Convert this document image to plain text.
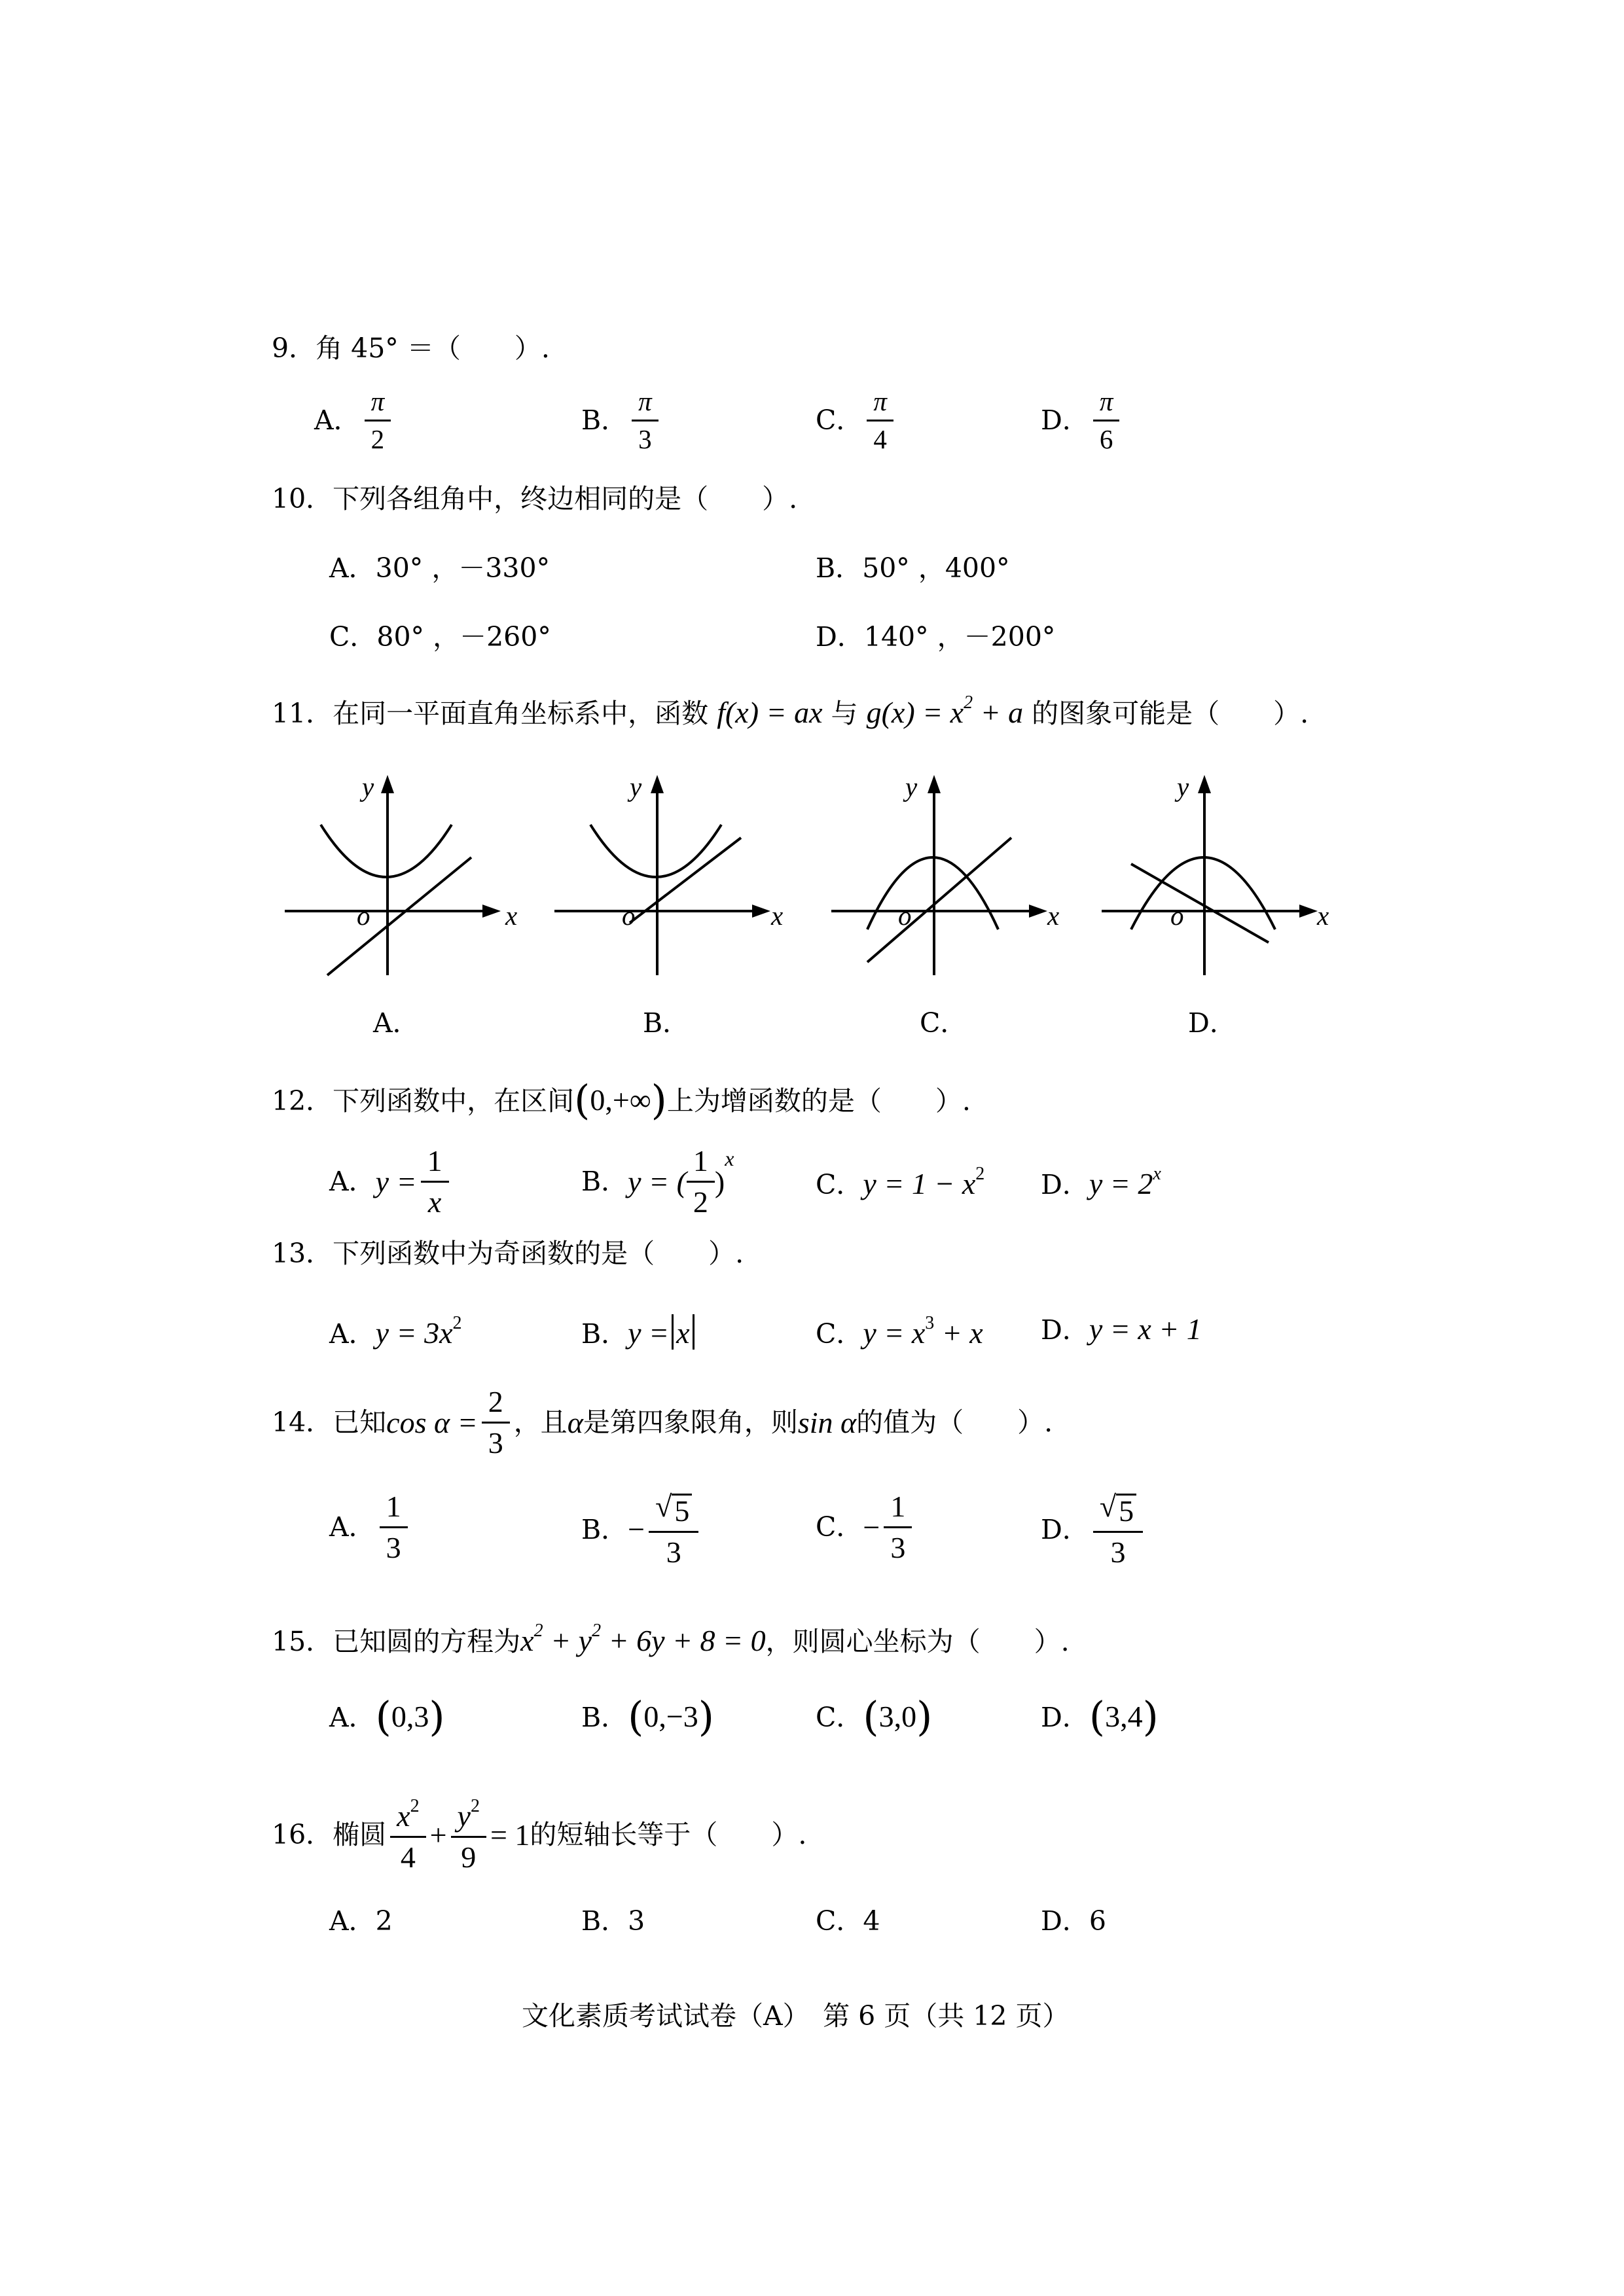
9．角 45° ＝（　　）.
A． $\frac{\pi}{2}$	B． $\frac{\pi}{3}$	C． $\frac{\pi}{4}$	D． $\frac{\pi}{6}$
10．下列各组角中，终边相同的是（　　）.
A．30° ，－330°	B．50° ，400°
C．80° ，－260°	D．140° ，－200°
11．在同一平面直角坐标系中，函数 f(x) = ax 与 $g(x) = x^2 + a$ 的图象可能是（　　）.
y
o	x
A．
y
o	x
B．
y
o	x
C．
y
o	x
D．
12．下列函数中，在区间(0,+∞)上为增函数的是（　　）.
A． $y = \frac{1}{x}$	B． y = ( $\frac{1}{2}$ )
x
C．$y = 1 - x^2$ D．$y = 2^x$
13．下列函数中为奇函数的是（　　）.
A．$y = 3x^2$	B．y = x	C．$y = x^3 + x$ D．y = x + 1
14．已知 $\cos \alpha = \frac{2}{3}$ ，且 α 是第四象限角，则 sin α 的值为（　　）.
A． $\frac{1}{3}$	B． − $\frac{√ 5}{3}$	C． − $\frac{1}{3}$	D． $\frac{√ 5}{3}$
15．已知圆的方程为$x^2 + y^2 + 6y + 8 = 0$，则圆心坐标为（　　）.
A．(0,3)	B．(0,−3)	C．(3,0)	D．(3,4)
16．椭圆 $\frac{x^2}{4} + \frac{y^2}{9} = 1$ 的短轴长等于（　　）.
A．2	B．3	C．4	D．6
文化素质考试试卷（A）　第 6 页（共 12 页）
